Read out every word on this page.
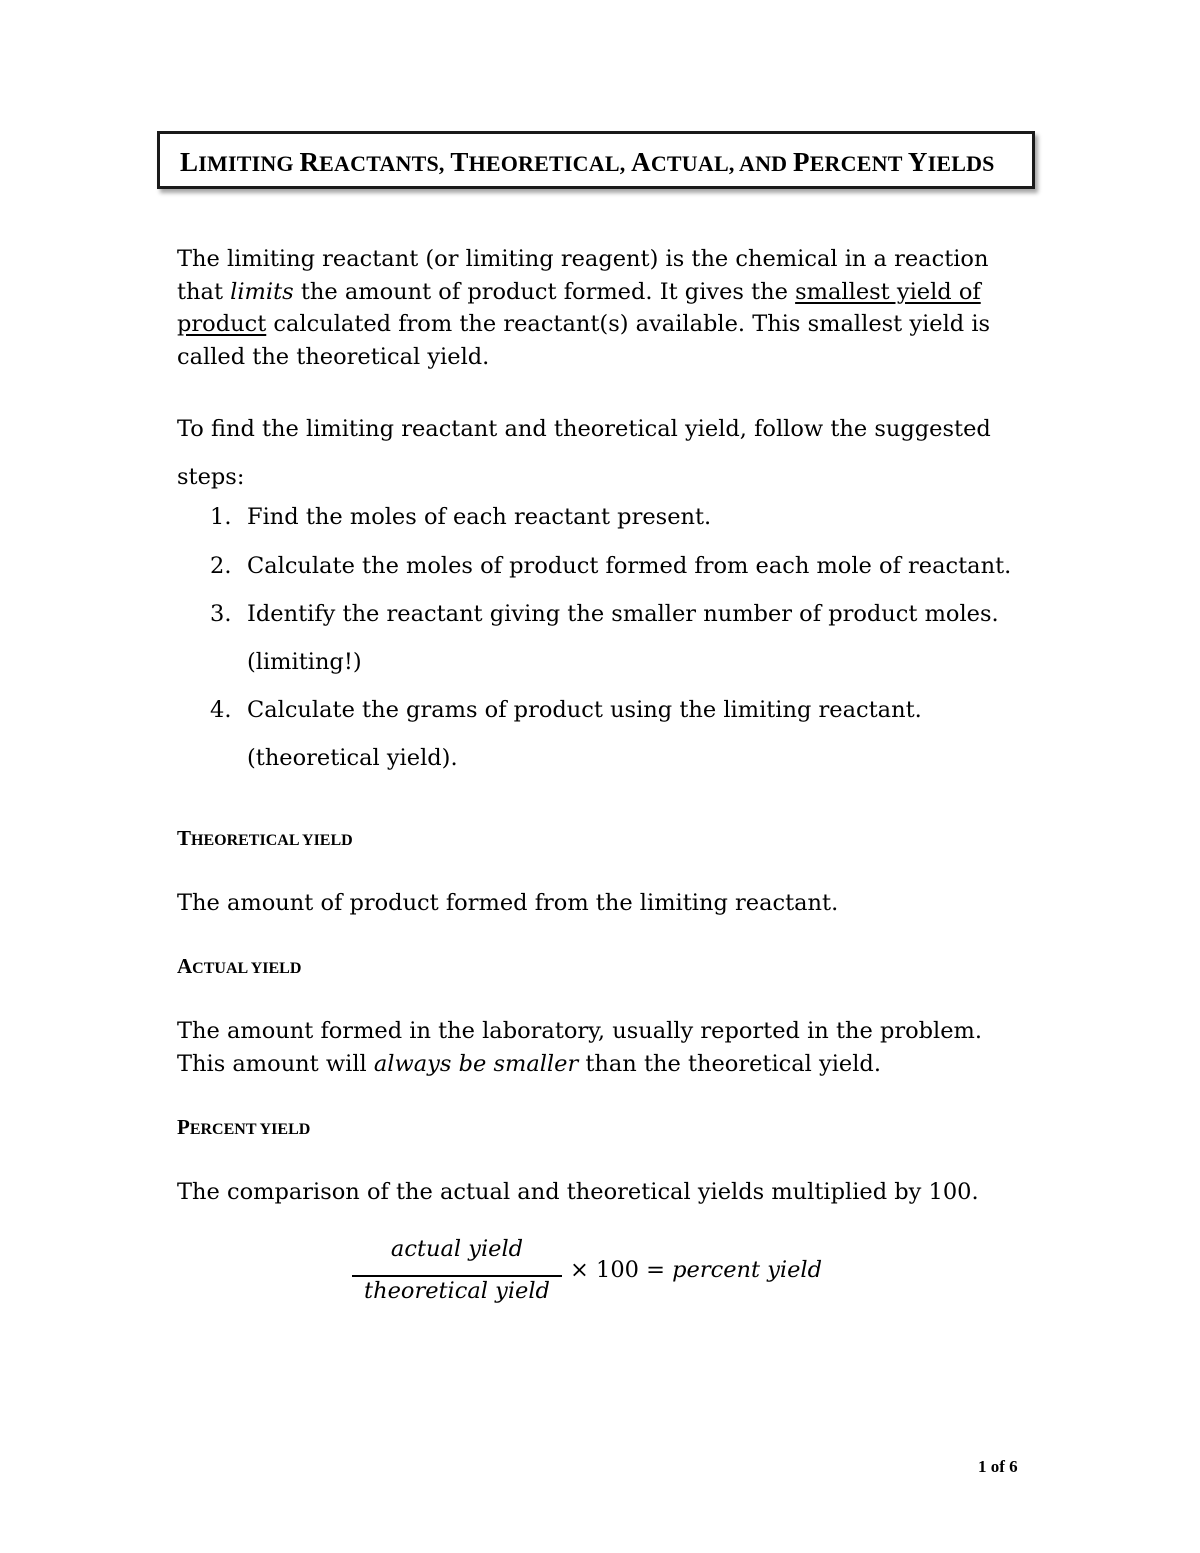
LIMITING REACTANTS, THEORETICAL, ACTUAL, AND PERCENT YIELDS
The limiting reactant (or limiting reagent) is the chemical in a reaction that limits the amount of product formed. It gives the smallest yield of product calculated from the reactant(s) available. This smallest yield is called the theoretical yield.
To find the limiting reactant and theoretical yield, follow the suggested steps:
1. Find the moles of each reactant present.
2. Calculate the moles of product formed from each mole of reactant.
3. Identify the reactant giving the smaller number of product moles.
(limiting!)
4. Calculate the grams of product using the limiting reactant.
(theoretical yield).
THEORETICAL YIELD
The amount of product formed from the limiting reactant.
ACTUAL YIELD
The amount formed in the laboratory, usually reported in the problem.
This amount will always be smaller than the theoretical yield.
PERCENT YIELD
The comparison of the actual and theoretical yields multiplied by 100.
actual yield
theoretical yield
× 100 = percent yield
1 of 6
